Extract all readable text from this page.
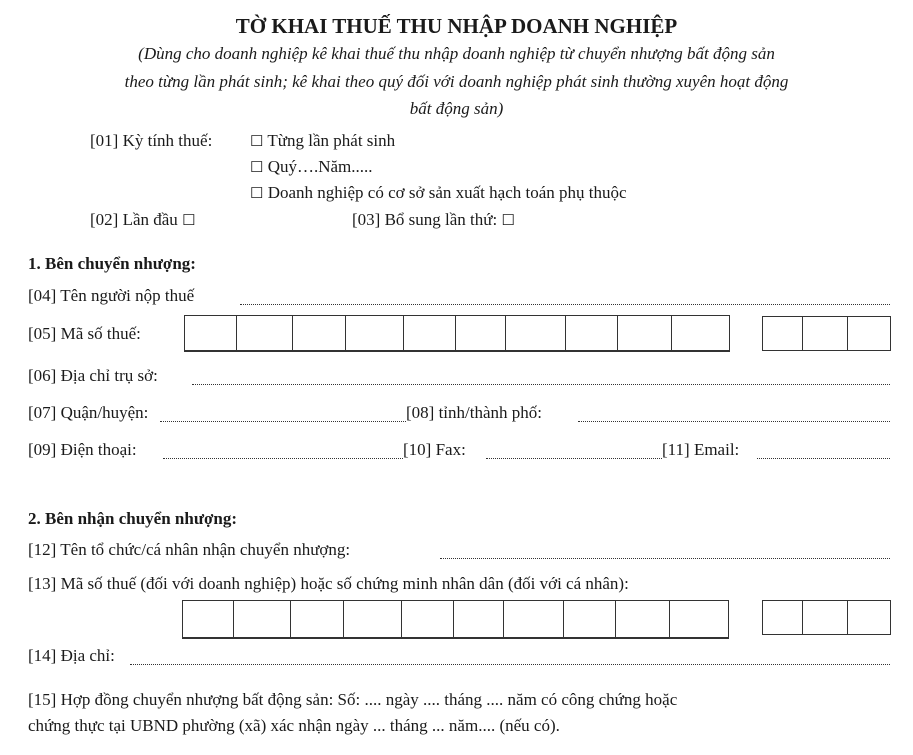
TỜ KHAI THUẾ THU NHẬP DOANH NGHIỆP
(Dùng cho doanh nghiệp kê khai thuế thu nhập doanh nghiệp từ chuyển nhượng bất động sản
theo từng lần phát sinh; kê khai theo quý đối với doanh nghiệp phát sinh thường xuyên hoạt động
bất động sản)
[01] Kỳ tính thuế:	☐ Từng lần phát sinh
☐ Quý….Năm.....
☐ Doanh nghiệp có cơ sở sản xuất hạch toán phụ thuộc
[02] Lần đầu ☐	[03] Bổ sung lần thứ: ☐
1. Bên chuyển nhượng:
[04] Tên người nộp thuế
[05] Mã số thuế:
[06] Địa chỉ trụ sở:
[07] Quận/huyện:	[08] tỉnh/thành phố:
[09] Điện thoại:	[10] Fax:	[11] Email:
2. Bên nhận chuyển nhượng:
[12] Tên tổ chức/cá nhân nhận chuyển nhượng:
[13] Mã số thuế (đối với doanh nghiệp) hoặc số chứng minh nhân dân (đối với cá nhân):
[14] Địa chỉ:
[15] Hợp đồng chuyển nhượng bất động sản: Số: .... ngày .... tháng .... năm có công chứng hoặc
chứng thực tại UBND phường (xã) xác nhận ngày ... tháng ... năm.... (nếu có).
